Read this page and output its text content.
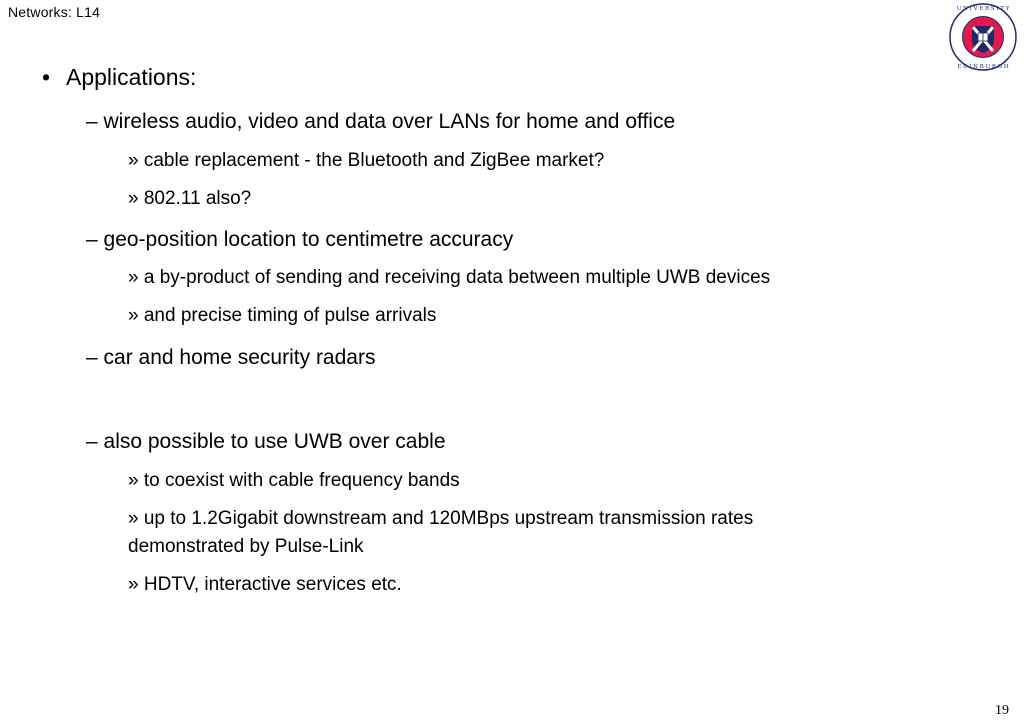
Networks: L14	U N I V E R S I T Y
E D I N B U R G H
• Applications:
– wireless audio, video and data over LANs for home and office
» cable replacement - the Bluetooth and ZigBee market?
» 802.11 also?
– geo-position location to centimetre accuracy
» a by-product of sending and receiving data between multiple UWB devices
» and precise timing of pulse arrivals
– car and home security radars
– also possible to use UWB over cable
» to coexist with cable frequency bands
» up to 1.2Gigabit downstream and 120MBps upstream transmission rates
demonstrated by Pulse-Link
» HDTV, interactive services etc.
19
